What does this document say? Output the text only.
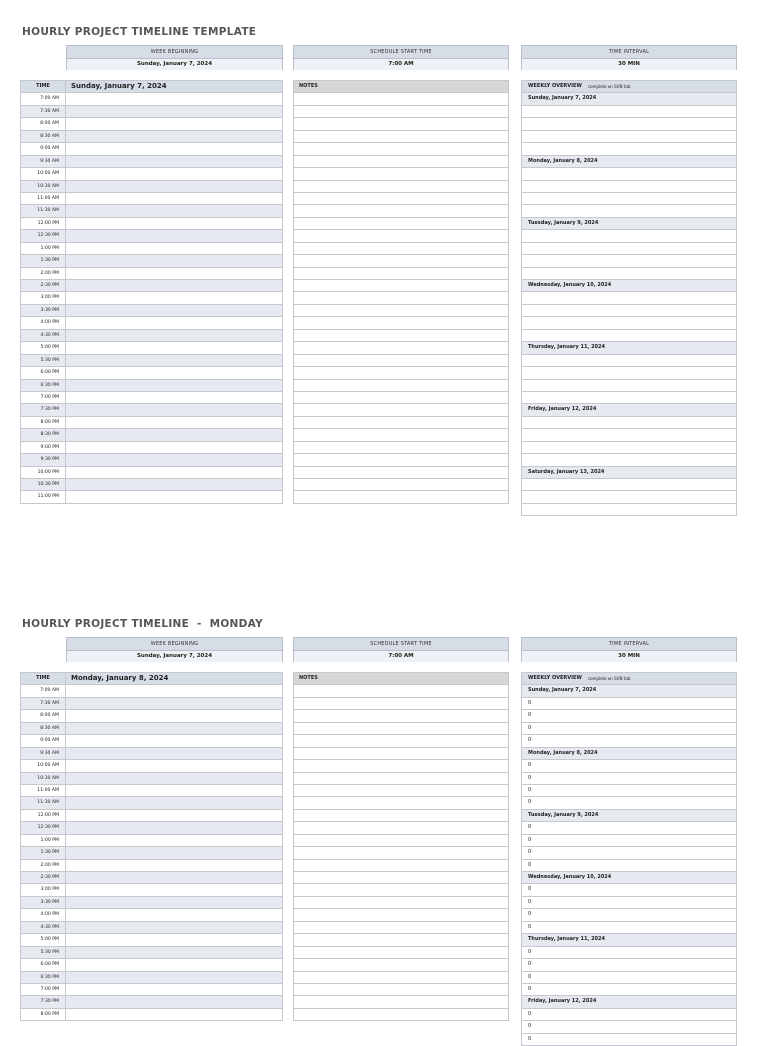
HOURLY PROJECT TIMELINE TEMPLATE
WEEK BEGINNING
Sunday, January 7, 2024
SCHEDULE START TIME
7:00 AM
TIME INTERVAL
30 MIN
TIME	Sunday, January 7, 2024
7:00 AM
7:30 AM
8:00 AM
8:30 AM
9:00 AM
9:30 AM
10:00 AM
10:30 AM
11:00 AM
11:30 AM
12:00 PM
12:30 PM
1:00 PM
1:30 PM
2:00 PM
2:30 PM
3:00 PM
3:30 PM
4:00 PM
4:30 PM
5:00 PM
5:30 PM
6:00 PM
6:30 PM
7:00 PM
7:30 PM
8:00 PM
8:30 PM
9:00 PM
9:30 PM
10:00 PM
10:30 PM
11:00 PM
NOTES	WEEKLY OVERVIEW complete on SUN tab
Sunday, January 7, 2024
Monday, January 8, 2024
Tuesday, January 9, 2024
Wednesday, January 10, 2024
Thursday, January 11, 2024
Friday, January 12, 2024
Saturday, January 13, 2024
HOURLY PROJECT TIMELINE  -  MONDAY
WEEK BEGINNING
Sunday, January 7, 2024
SCHEDULE START TIME
7:00 AM
TIME INTERVAL
30 MIN
TIME	Monday, January 8, 2024
7:00 AM
7:30 AM
8:00 AM
8:30 AM
9:00 AM
9:30 AM
10:00 AM
10:30 AM
11:00 AM
11:30 AM
12:00 PM
12:30 PM
1:00 PM
1:30 PM
2:00 PM
2:30 PM
3:00 PM
3:30 PM
4:00 PM
4:30 PM
5:00 PM
5:30 PM
6:00 PM
6:30 PM
7:00 PM
7:30 PM
8:00 PM
NOTES	WEEKLY OVERVIEW complete on SUN tab
Sunday, January 7, 2024
0
0
0
0
Monday, January 8, 2024
0
0
0
0
Tuesday, January 9, 2024
0
0
0
0
Wednesday, January 10, 2024
0
0
0
0
Thursday, January 11, 2024
0
0
0
0
Friday, January 12, 2024
0
0
0
